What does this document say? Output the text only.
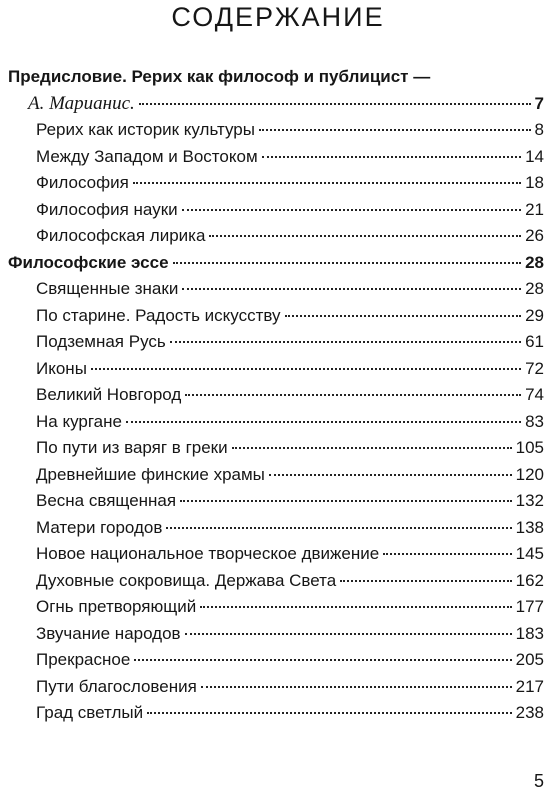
СОДЕРЖАНИЕ
Предисловие. Рерих как философ и публицист —
А. Марианис.	7
Рерих как историк культуры	8
Между Западом и Востоком	14
Философия	18
Философия науки	21
Философская лирика	26
Философские эссе	28
Священные знаки	28
По старине. Радость искусству	29
Подземная Русь	61
Иконы	72
Великий Новгород	74
На кургане	83
По пути из варяг в греки	105
Древнейшие финские храмы	120
Весна священная	132
Матери городов	138
Новое национальное творческое движение	145
Духовные сокровища. Держава Света	162
Огнь претворяющий	177
Звучание народов	183
Прекрасное	205
Пути благословения	217
Град светлый	238
5
